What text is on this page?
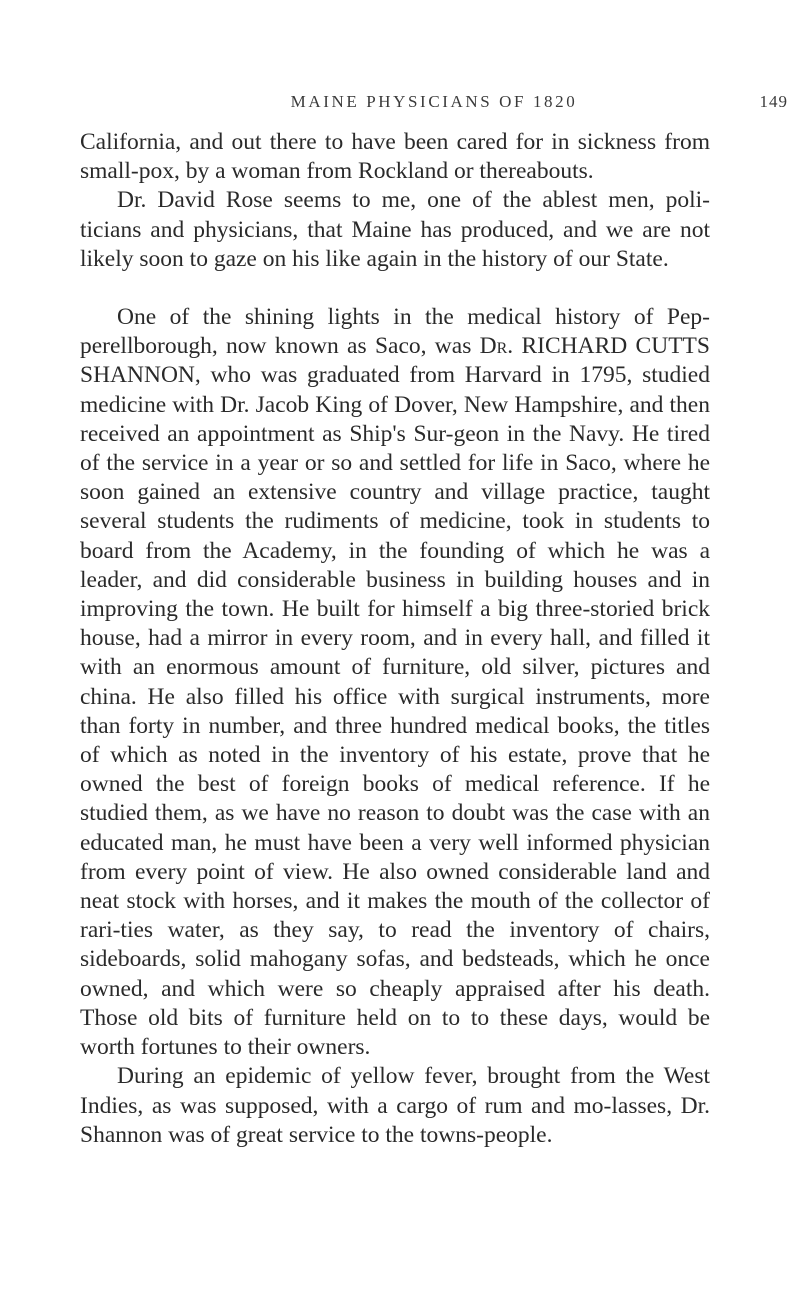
MAINE PHYSICIANS OF 1820	149

California, and out there to have been cared for in sickness from small-pox, by a woman from Rockland or thereabouts.

Dr. David Rose seems to me, one of the ablest men, poli-ticians and physicians, that Maine has produced, and we are not likely soon to gaze on his like again in the history of our State.

One of the shining lights in the medical history of Pep-perellborough, now known as Saco, was Dr. RICHARD CUTTS SHANNON, who was graduated from Harvard in 1795, studied medicine with Dr. Jacob King of Dover, New Hampshire, and then received an appointment as Ship's Sur-geon in the Navy. He tired of the service in a year or so and settled for life in Saco, where he soon gained an extensive country and village practice, taught several students the rudiments of medicine, took in students to board from the Academy, in the founding of which he was a leader, and did considerable business in building houses and in improving the town. He built for himself a big three-storied brick house, had a mirror in every room, and in every hall, and filled it with an enormous amount of furniture, old silver, pictures and china. He also filled his office with surgical instruments, more than forty in number, and three hundred medical books, the titles of which as noted in the inventory of his estate, prove that he owned the best of foreign books of medical reference. If he studied them, as we have no reason to doubt was the case with an educated man, he must have been a very well informed physician from every point of view. He also owned considerable land and neat stock with horses, and it makes the mouth of the collector of rari-ties water, as they say, to read the inventory of chairs, sideboards, solid mahogany sofas, and bedsteads, which he once owned, and which were so cheaply appraised after his death. Those old bits of furniture held on to to these days, would be worth fortunes to their owners.

During an epidemic of yellow fever, brought from the West Indies, as was supposed, with a cargo of rum and mo-lasses, Dr. Shannon was of great service to the towns-people.
